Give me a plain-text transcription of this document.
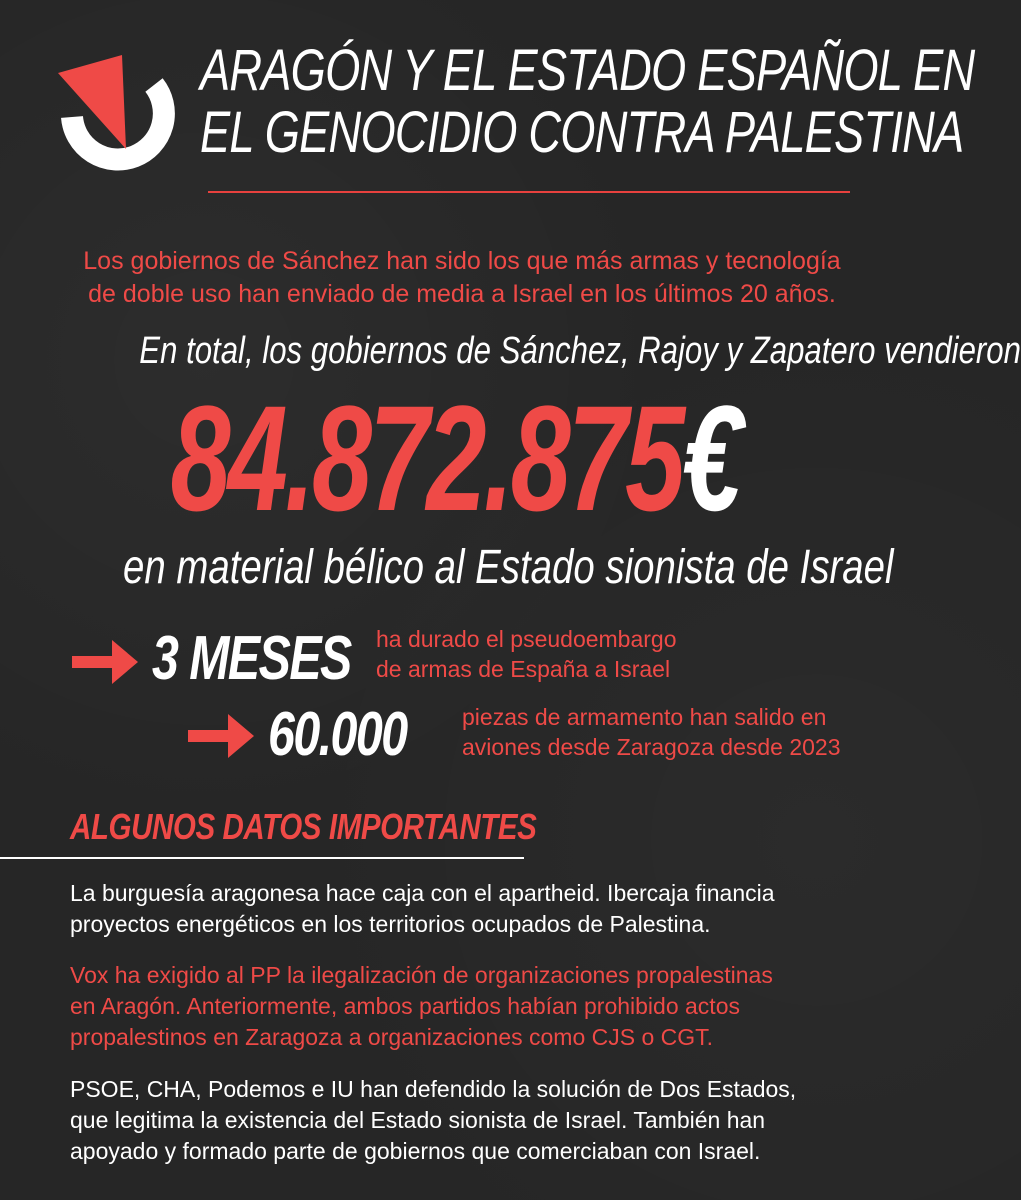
ARAGÓN Y EL ESTADO ESPAÑOL EN
EL GENOCIDIO CONTRA PALESTINA
Los gobiernos de Sánchez han sido los que más armas y tecnología
de doble uso han enviado de media a Israel en los últimos 20 años.
En total, los gobiernos de Sánchez, Rajoy y Zapatero vendieron
84.872.875€
en material bélico al Estado sionista de Israel
3 MESES ha durado el pseudoembargo
de armas de España a Israel
60.000 piezas de armamento han salido en
aviones desde Zaragoza desde 2023
ALGUNOS DATOS IMPORTANTES
La burguesía aragonesa hace caja con el apartheid. Ibercaja financia
proyectos energéticos en los territorios ocupados de Palestina.
Vox ha exigido al PP la ilegalización de organizaciones propalestinas
en Aragón. Anteriormente, ambos partidos habían prohibido actos
propalestinos en Zaragoza a organizaciones como CJS o CGT.
PSOE, CHA, Podemos e IU han defendido la solución de Dos Estados,
que legitima la existencia del Estado sionista de Israel. También han
apoyado y formado parte de gobiernos que comerciaban con Israel.
